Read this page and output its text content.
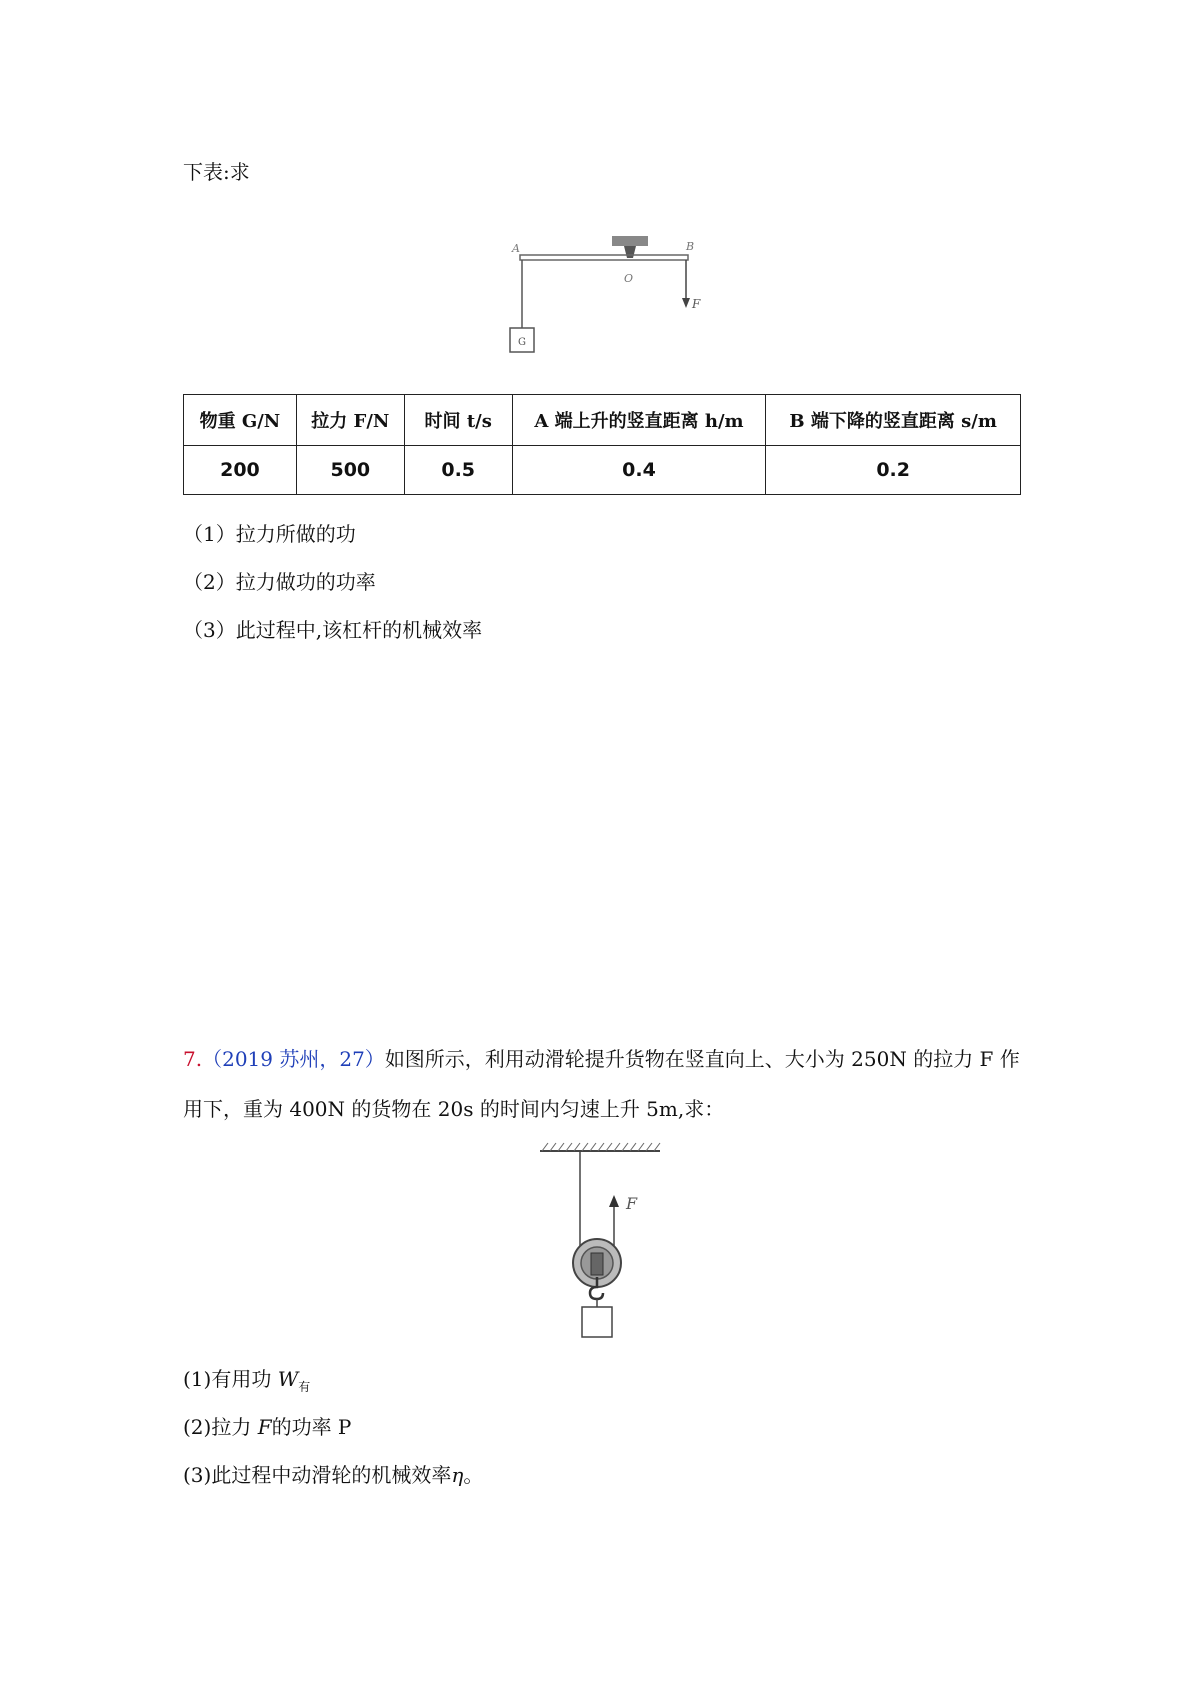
下表:求
G
F
A	B
O
物重 G/N	拉力 F/N	时间 t/s	A 端上升的竖直距离 h/m	B 端下降的竖直距离 s/m
200	500	0.5	0.4	0.2
（1）拉力所做的功
（2）拉力做功的功率
（3）此过程中,该杠杆的机械效率
7.（2019 苏州，27）如图所示，利用动滑轮提升货物在竖直向上、大小为 250N 的拉力 F 作
用下，重为 400N 的货物在 20s 的时间内匀速上升 5m,求：
F
(1)有用功 $W_有$
(2)拉力 F的功率 P
(3)此过程中动滑轮的机械效率η。
